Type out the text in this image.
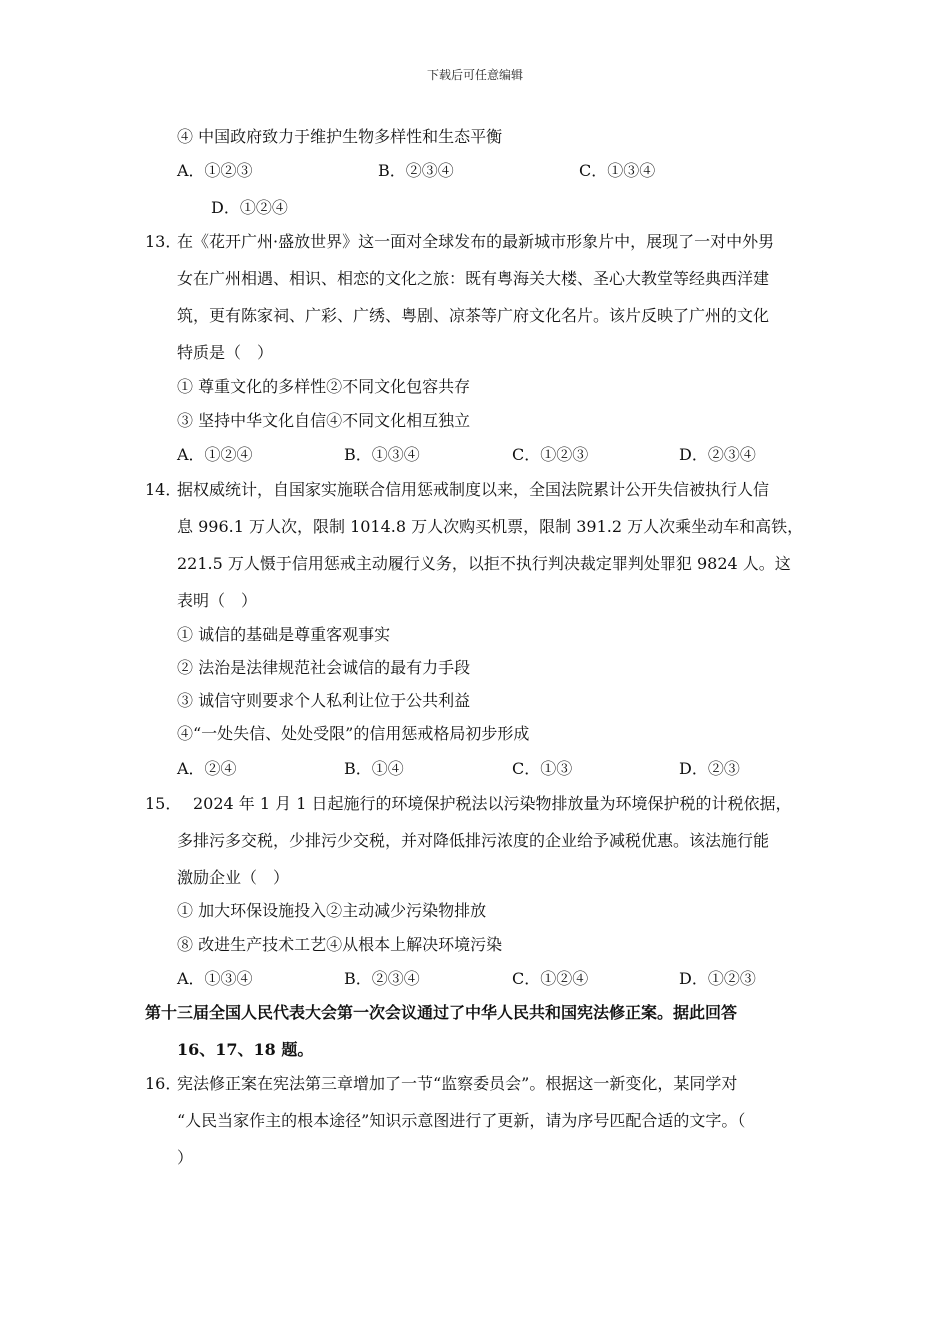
下载后可任意编辑
④ 中国政府致力于维护生物多样性和生态平衡
A．①②③	B．②③④	C．①③④
D．①②④
13．
在《花开广州·盛放世界》这一面对全球发布的最新城市形象片中，展现了一对中外男
女在广州相遇、相识、相恋的文化之旅：既有粤海关大楼、圣心大教堂等经典西洋建
筑，更有陈家祠、广彩、广绣、粤剧、凉茶等广府文化名片。该片反映了广州的文化
特质是（　）
① 尊重文化的多样性②不同文化包容共存
③ 坚持中华文化自信④不同文化相互独立
A．①②④	B．①③④	C．①②③	D．②③④
14．
据权威统计，自国家实施联合信用惩戒制度以来，全国法院累计公开失信被执行人信
息 996.1 万人次，限制 1014.8 万人次购买机票，限制 391.2 万人次乘坐动车和高铁，
221.5 万人慑于信用惩戒主动履行义务，以拒不执行判决裁定罪判处罪犯 9824 人。这
表明（　）
① 诚信的基础是尊重客观事实
② 法治是法律规范社会诚信的最有力手段
③ 诚信守则要求个人私利让位于公共利益
④“一处失信、处处受限”的信用惩戒格局初步形成
A．②④	B．①④	C．①③	D．②③
15．
　2024 年 1 月 1 日起施行的环境保护税法以污染物排放量为环境保护税的计税依据，
多排污多交税，少排污少交税，并对降低排污浓度的企业给予减税优惠。该法施行能
激励企业（　）
① 加大环保设施投入②主动减少污染物排放
⑧ 改进生产技术工艺④从根本上解决环境污染
A．①③④	B．②③④	C．①②④	D．①②③
第十三届全国人民代表大会第一次会议通过了中华人民共和国宪法修正案。据此回答
16、17、18 题。
16．
宪法修正案在宪法第三章增加了一节“监察委员会”。根据这一新变化，某同学对
“人民当家作主的根本途径”知识示意图进行了更新，请为序号匹配合适的文字。（
）
